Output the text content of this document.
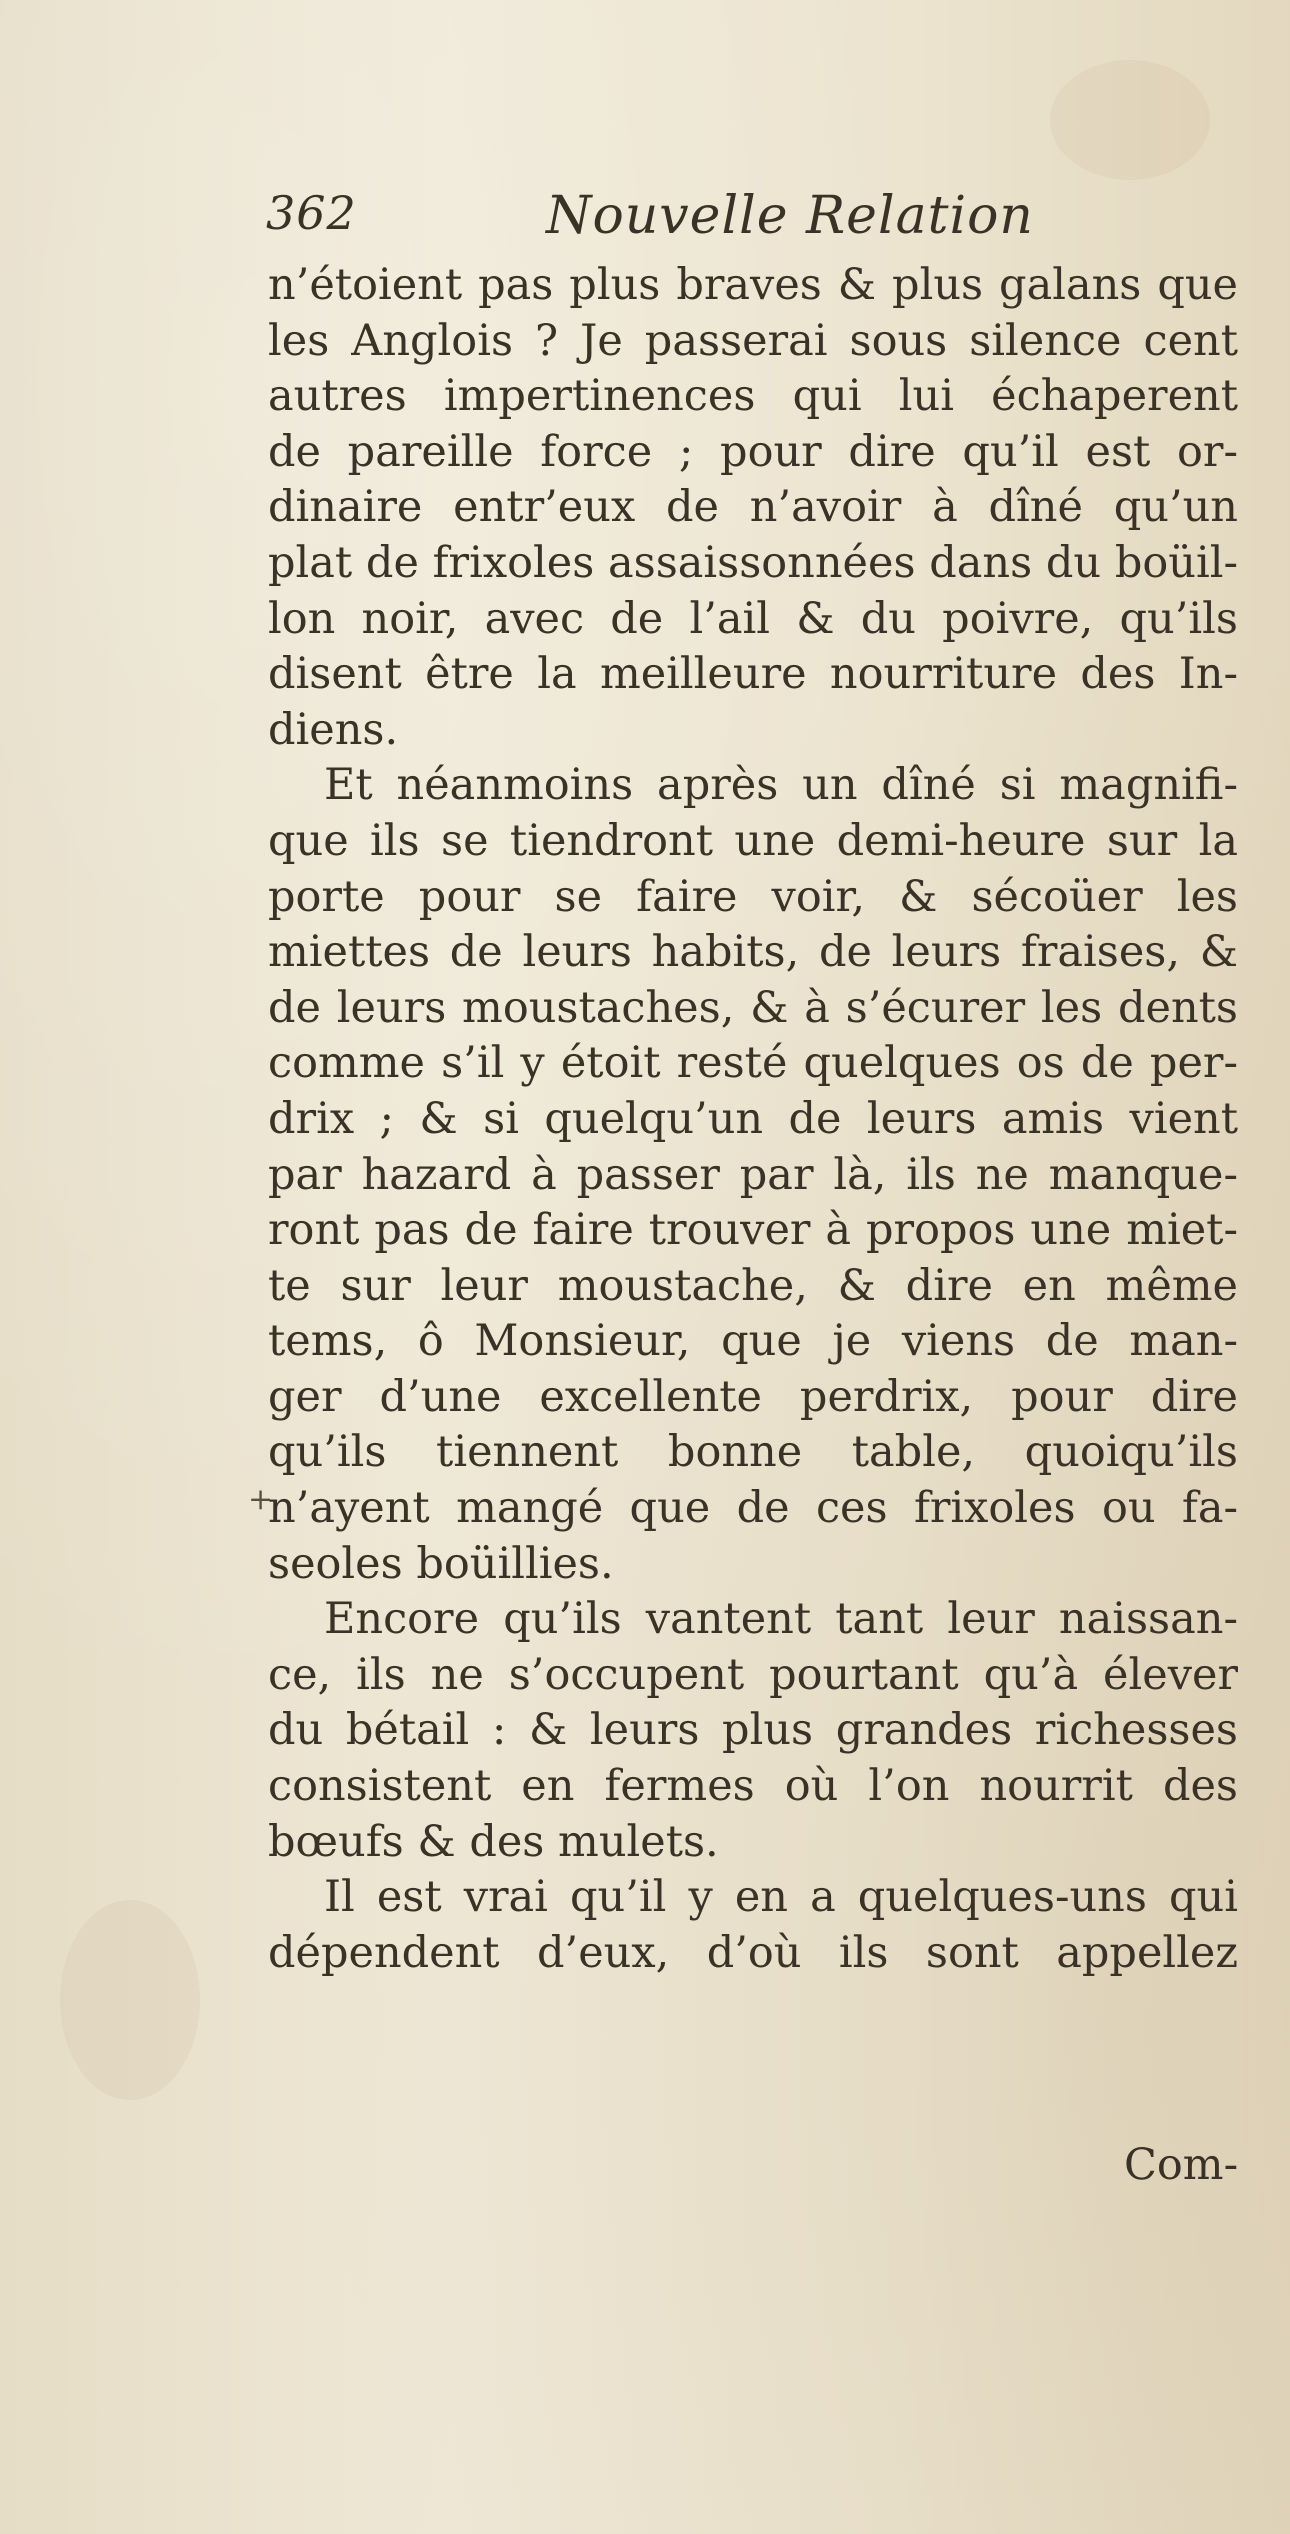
362	Nouvelle Relation
+
n’étoient pas plus braves & plus galans que
les Anglois ? Je passerai sous silence cent
autres impertinences qui lui échaperent
de pareille force ; pour dire qu’il est or-
dinaire entr’eux de n’avoir à dîné qu’un
plat de frixoles assaissonnées dans du boüil-
lon noir, avec de l’ail & du poivre, qu’ils
disent être la meilleure nourriture des In-
diens.
Et néanmoins après un dîné si magnifi-
que ils se tiendront une demi-heure sur la
porte pour se faire voir, & sécoüer les
miettes de leurs habits, de leurs fraises, &
de leurs moustaches, & à s’écurer les dents
comme s’il y étoit resté quelques os de per-
drix ; & si quelqu’un de leurs amis vient
par hazard à passer par là, ils ne manque-
ront pas de faire trouver à propos une miet-
te sur leur moustache, & dire en même
tems, ô Monsieur, que je viens de man-
ger d’une excellente perdrix, pour dire
qu’ils tiennent bonne table, quoiqu’ils
n’ayent mangé que de ces frixoles ou fa-
seoles boüillies.
Encore qu’ils vantent tant leur naissan-
ce, ils ne s’occupent pourtant qu’à élever
du bétail : & leurs plus grandes richesses
consistent en fermes où l’on nourrit des
bœufs & des mulets.
Il est vrai qu’il y en a quelques-uns qui
dépendent d’eux, d’où ils sont appellez
Com-
